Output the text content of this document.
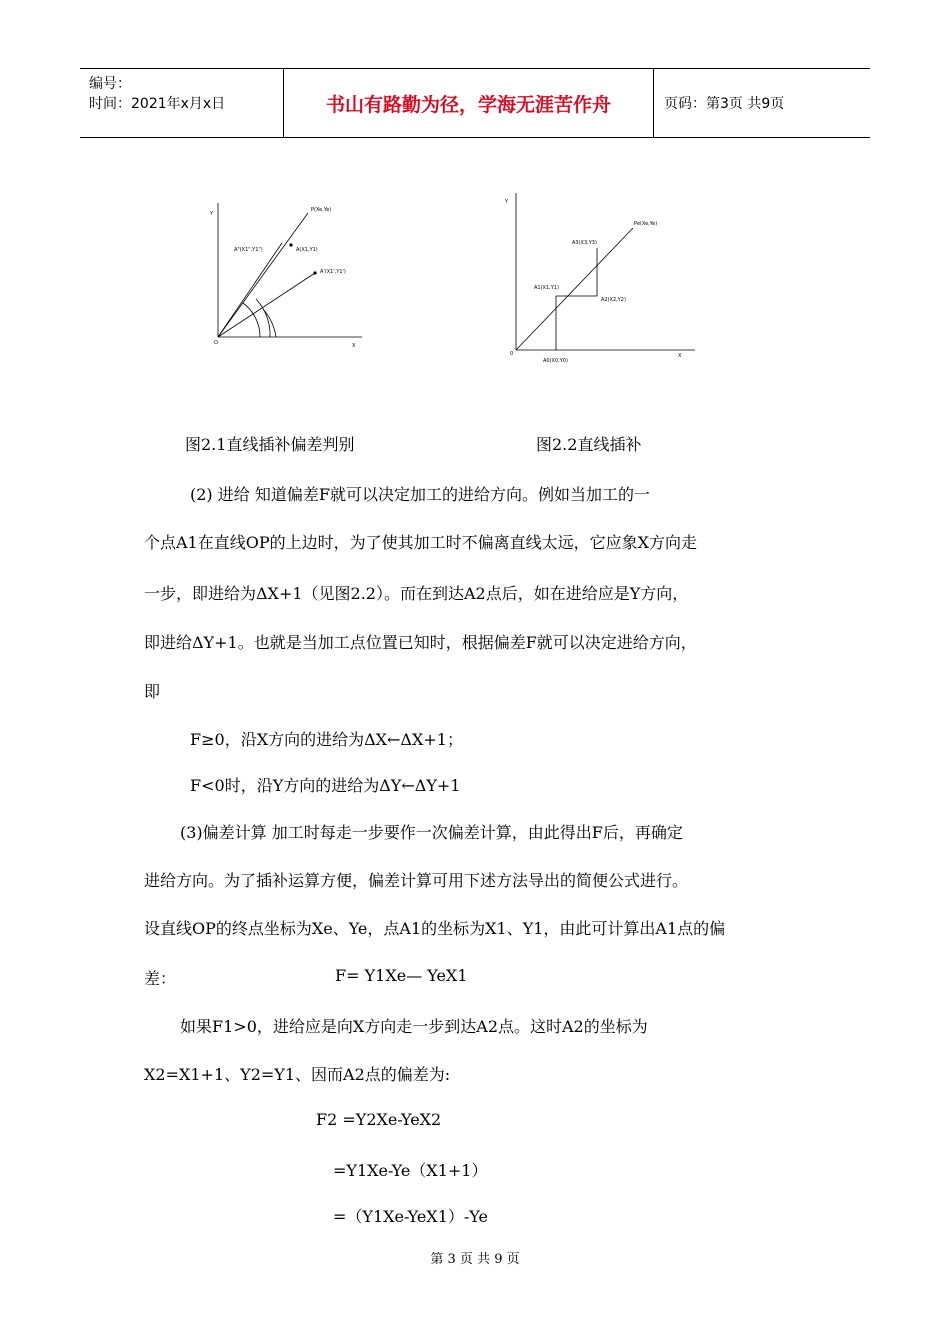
编号：
时间：2021年x月x日	书山有路勤为径，学海无涯苦作舟	页码：第3页 共9页
Y
X
O
P(Xe,Ye)
A(X1,Y1)
A"(X1",Y1")
A'(X1',Y1')
Y
X
0
Pe(Xe,Ye)
A3(X3,Y3)
A1(X1,Y1)
A2(X2,Y2)
A0(X0,Y0)
图2.1直线插补偏差判别	图2.2直线插补
(2) 进给 知道偏差F就可以决定加工的进给方向。例如当加工的一
个点A1在直线OP的上边时，为了使其加工时不偏离直线太远，它应象X方向走
一步，即进给为ΔX+1（见图2.2）。而在到达A2点后，如在进给应是Y方向，
即进给ΔY+1。也就是当加工点位置已知时，根据偏差F就可以决定进给方向，
即
F≥0，沿X方向的进给为ΔX←ΔX+1；
F<0时，沿Y方向的进给为ΔY←ΔY+1
(3)偏差计算 加工时每走一步要作一次偏差计算，由此得出F后，再确定
进给方向。为了插补运算方便，偏差计算可用下述方法导出的简便公式进行。
设直线OP的终点坐标为Xe、Ye，点A1的坐标为X1、Y1，由此可计算出A1点的偏
差：	F= Y1Xe— YeX1
如果F1>0，进给应是向X方向走一步到达A2点。这时A2的坐标为
X2=X1+1、Y2=Y1、因而A2点的偏差为:
F2 =Y2Xe-YeX2
=Y1Xe-Ye（X1+1）
=（Y1Xe-YeX1）-Ye
第 3 页 共 9 页
